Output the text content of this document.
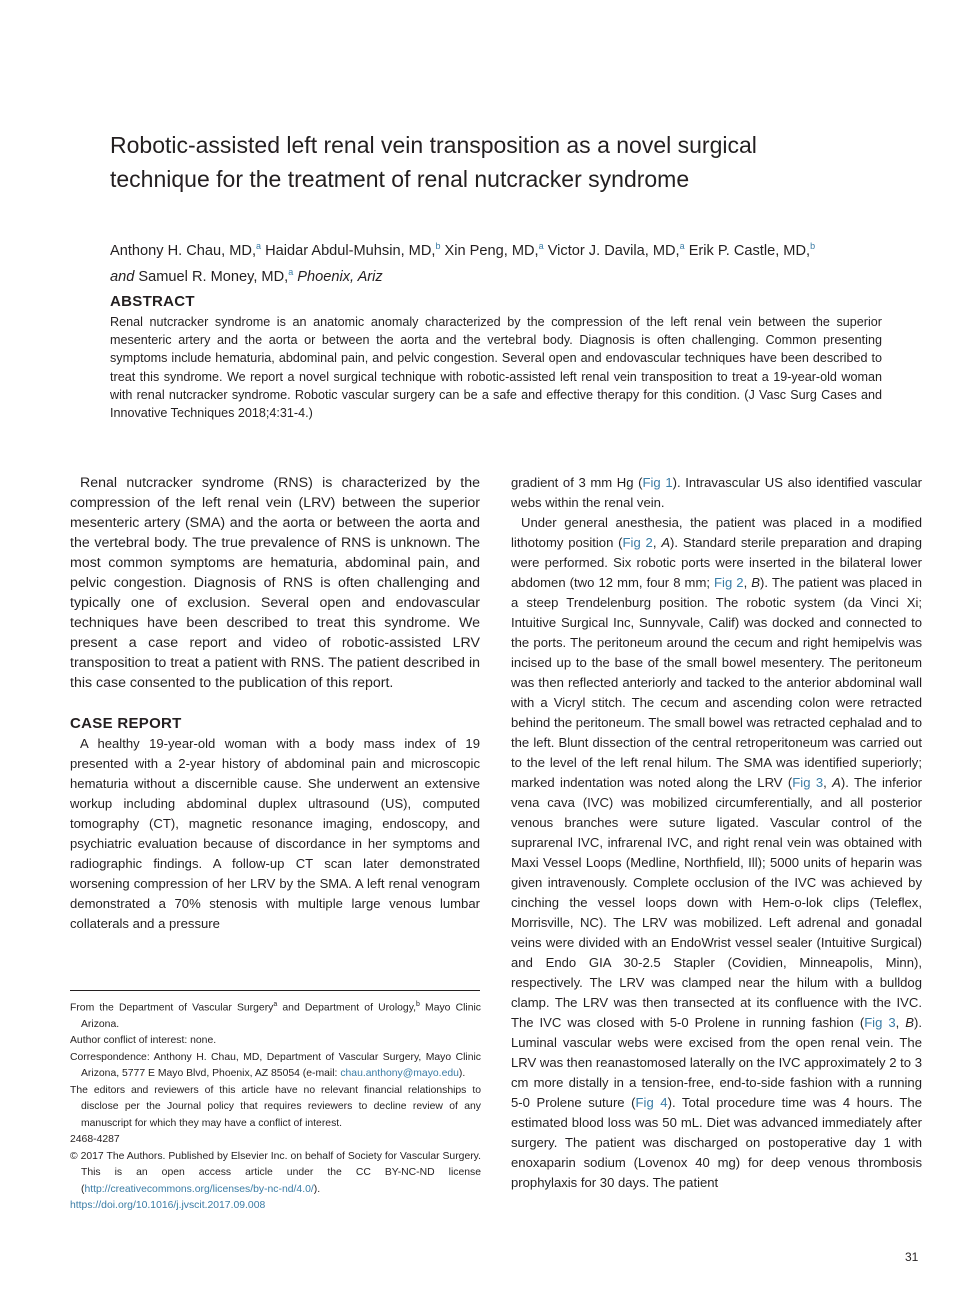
Robotic-assisted left renal vein transposition as a novel surgical technique for the treatment of renal nutcracker syndrome
Anthony H. Chau, MD,$^a$ Haidar Abdul-Muhsin, MD,$^b$ Xin Peng, MD,$^a$ Victor J. Davila, MD,$^a$ Erik P. Castle, MD,$^b$
and Samuel R. Money, MD,$^a$ Phoenix, Ariz
ABSTRACT

Renal nutcracker syndrome is an anatomic anomaly characterized by the compression of the left renal vein between the superior mesenteric artery and the aorta or between the aorta and the vertebral body. Diagnosis is often challenging. Common presenting symptoms include hematuria, abdominal pain, and pelvic congestion. Several open and endovascular techniques have been described to treat this syndrome. We report a novel surgical technique with robotic-assisted left renal vein transposition to treat a 19-year-old woman with renal nutcracker syndrome. Robotic vascular surgery can be a safe and effective therapy for this condition. (J Vasc Surg Cases and Innovative Techniques 2018;4:31-4.)

Renal nutcracker syndrome (RNS) is characterized by the compression of the left renal vein (LRV) between the superior mesenteric artery (SMA) and the aorta or between the aorta and the vertebral body. The true prevalence of RNS is unknown. The most common symptoms are hematuria, abdominal pain, and pelvic congestion. Diagnosis of RNS is often challenging and typically one of exclusion. Several open and endovascular techniques have been described to treat this syndrome. We present a case report and video of robotic-assisted LRV transposition to treat a patient with RNS. The patient described in this case consented to the publication of this report.

CASE REPORT

A healthy 19-year-old woman with a body mass index of 19 presented with a 2-year history of abdominal pain and microscopic hematuria without a discernible cause. She underwent an extensive workup including abdominal duplex ultrasound (US), computed tomography (CT), magnetic resonance imaging, endoscopy, and psychiatric evaluation because of discordance in her symptoms and radiographic findings. A follow-up CT scan later demonstrated worsening compression of her LRV by the SMA. A left renal venogram demonstrated a 70% stenosis with multiple large venous lumbar collaterals and a pressure

gradient of 3 mm Hg (Fig 1). Intravascular US also identified vascular webs within the renal vein.

Under general anesthesia, the patient was placed in a modified lithotomy position (Fig 2, A). Standard sterile preparation and draping were performed. Six robotic ports were inserted in the bilateral lower abdomen (two 12 mm, four 8 mm; Fig 2, B). The patient was placed in a steep Trendelenburg position. The robotic system (da Vinci Xi; Intuitive Surgical Inc, Sunnyvale, Calif) was docked and connected to the ports. The peritoneum around the cecum and right hemipelvis was incised up to the base of the small bowel mesentery. The peritoneum was then reflected anteriorly and tacked to the anterior abdominal wall with a Vicryl stitch. The cecum and ascending colon were retracted behind the peritoneum. The small bowel was retracted cephalad and to the left. Blunt dissection of the central retroperitoneum was carried out to the level of the left renal hilum. The SMA was identified superiorly; marked indentation was noted along the LRV (Fig 3, A). The inferior vena cava (IVC) was mobilized circumferentially, and all posterior venous branches were suture ligated. Vascular control of the suprarenal IVC, infrarenal IVC, and right renal vein was obtained with Maxi Vessel Loops (Medline, Northfield, Ill); 5000 units of heparin was given intravenously. Complete occlusion of the IVC was achieved by cinching the vessel loops down with Hem-o-lok clips (Teleflex, Morrisville, NC). The LRV was mobilized. Left adrenal and gonadal veins were divided with an EndoWrist vessel sealer (Intuitive Surgical) and Endo GIA 30-2.5 Stapler (Covidien, Minneapolis, Minn), respectively. The LRV was clamped near the hilum with a bulldog clamp. The LRV was then transected at its confluence with the IVC. The IVC was closed with 5-0 Prolene in running fashion (Fig 3, B). Luminal vascular webs were excised from the open renal vein. The LRV was then reanastomosed laterally on the IVC approximately 2 to 3 cm more distally in a tension-free, end-to-side fashion with a running 5-0 Prolene suture (Fig 4). Total procedure time was 4 hours. The estimated blood loss was 50 mL. Diet was advanced immediately after surgery. The patient was discharged on postoperative day 1 with enoxaparin sodium (Lovenox 40 mg) for deep venous thrombosis prophylaxis for 30 days. The patient

From the Department of Vascular Surgery$^a$ and Department of Urology,$^b$ Mayo Clinic Arizona.

Author conflict of interest: none.

Correspondence: Anthony H. Chau, MD, Department of Vascular Surgery, Mayo Clinic Arizona, 5777 E Mayo Blvd, Phoenix, AZ 85054 (e-mail: chau.anthony@mayo.edu).

The editors and reviewers of this article have no relevant financial relationships to disclose per the Journal policy that requires reviewers to decline review of any manuscript for which they may have a conflict of interest.

2468-4287

© 2017 The Authors. Published by Elsevier Inc. on behalf of Society for Vascular Surgery. This is an open access article under the CC BY-NC-ND license (http://creativecommons.org/licenses/by-nc-nd/4.0/).

https://doi.org/10.1016/j.jvscit.2017.09.008

31
